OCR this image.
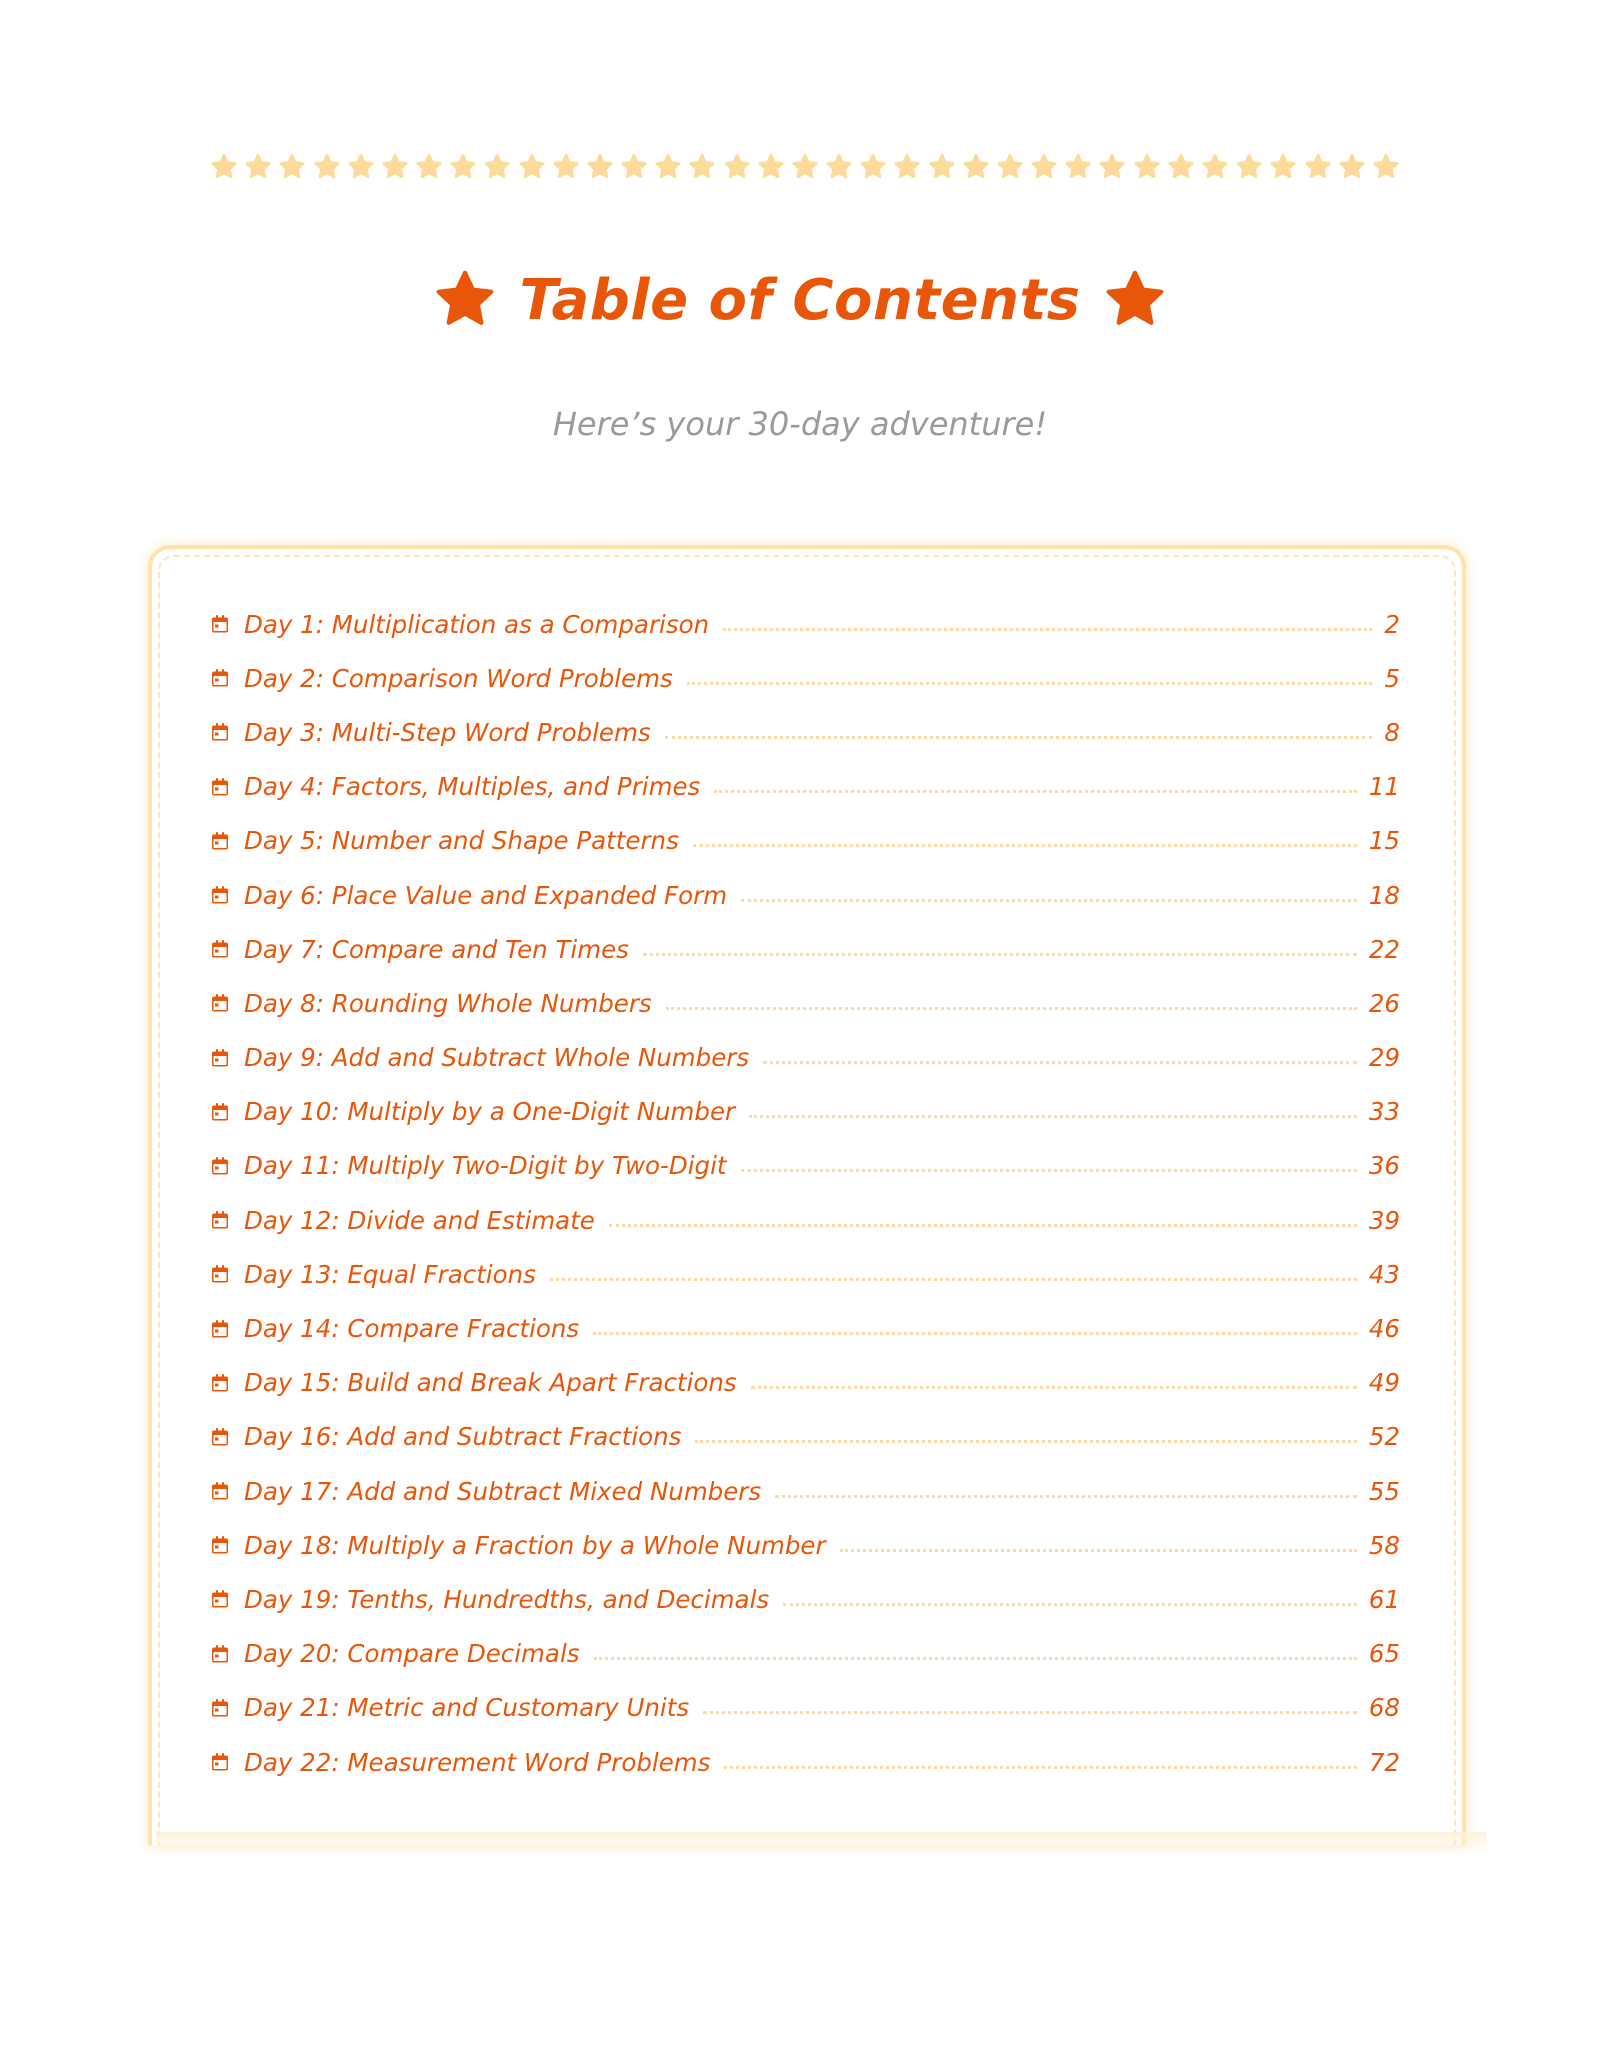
Table of Contents
Here’s your 30-day adventure!
Day 1: Multiplication as a Comparison	2
Day 2: Comparison Word Problems	5
Day 3: Multi-Step Word Problems	8
Day 4: Factors, Multiples, and Primes	11
Day 5: Number and Shape Patterns	15
Day 6: Place Value and Expanded Form	18
Day 7: Compare and Ten Times	22
Day 8: Rounding Whole Numbers	26
Day 9: Add and Subtract Whole Numbers	29
Day 10: Multiply by a One-Digit Number	33
Day 11: Multiply Two-Digit by Two-Digit	36
Day 12: Divide and Estimate	39
Day 13: Equal Fractions	43
Day 14: Compare Fractions	46
Day 15: Build and Break Apart Fractions	49
Day 16: Add and Subtract Fractions	52
Day 17: Add and Subtract Mixed Numbers	55
Day 18: Multiply a Fraction by a Whole Number	58
Day 19: Tenths, Hundredths, and Decimals	61
Day 20: Compare Decimals	65
Day 21: Metric and Customary Units	68
Day 22: Measurement Word Problems	72
